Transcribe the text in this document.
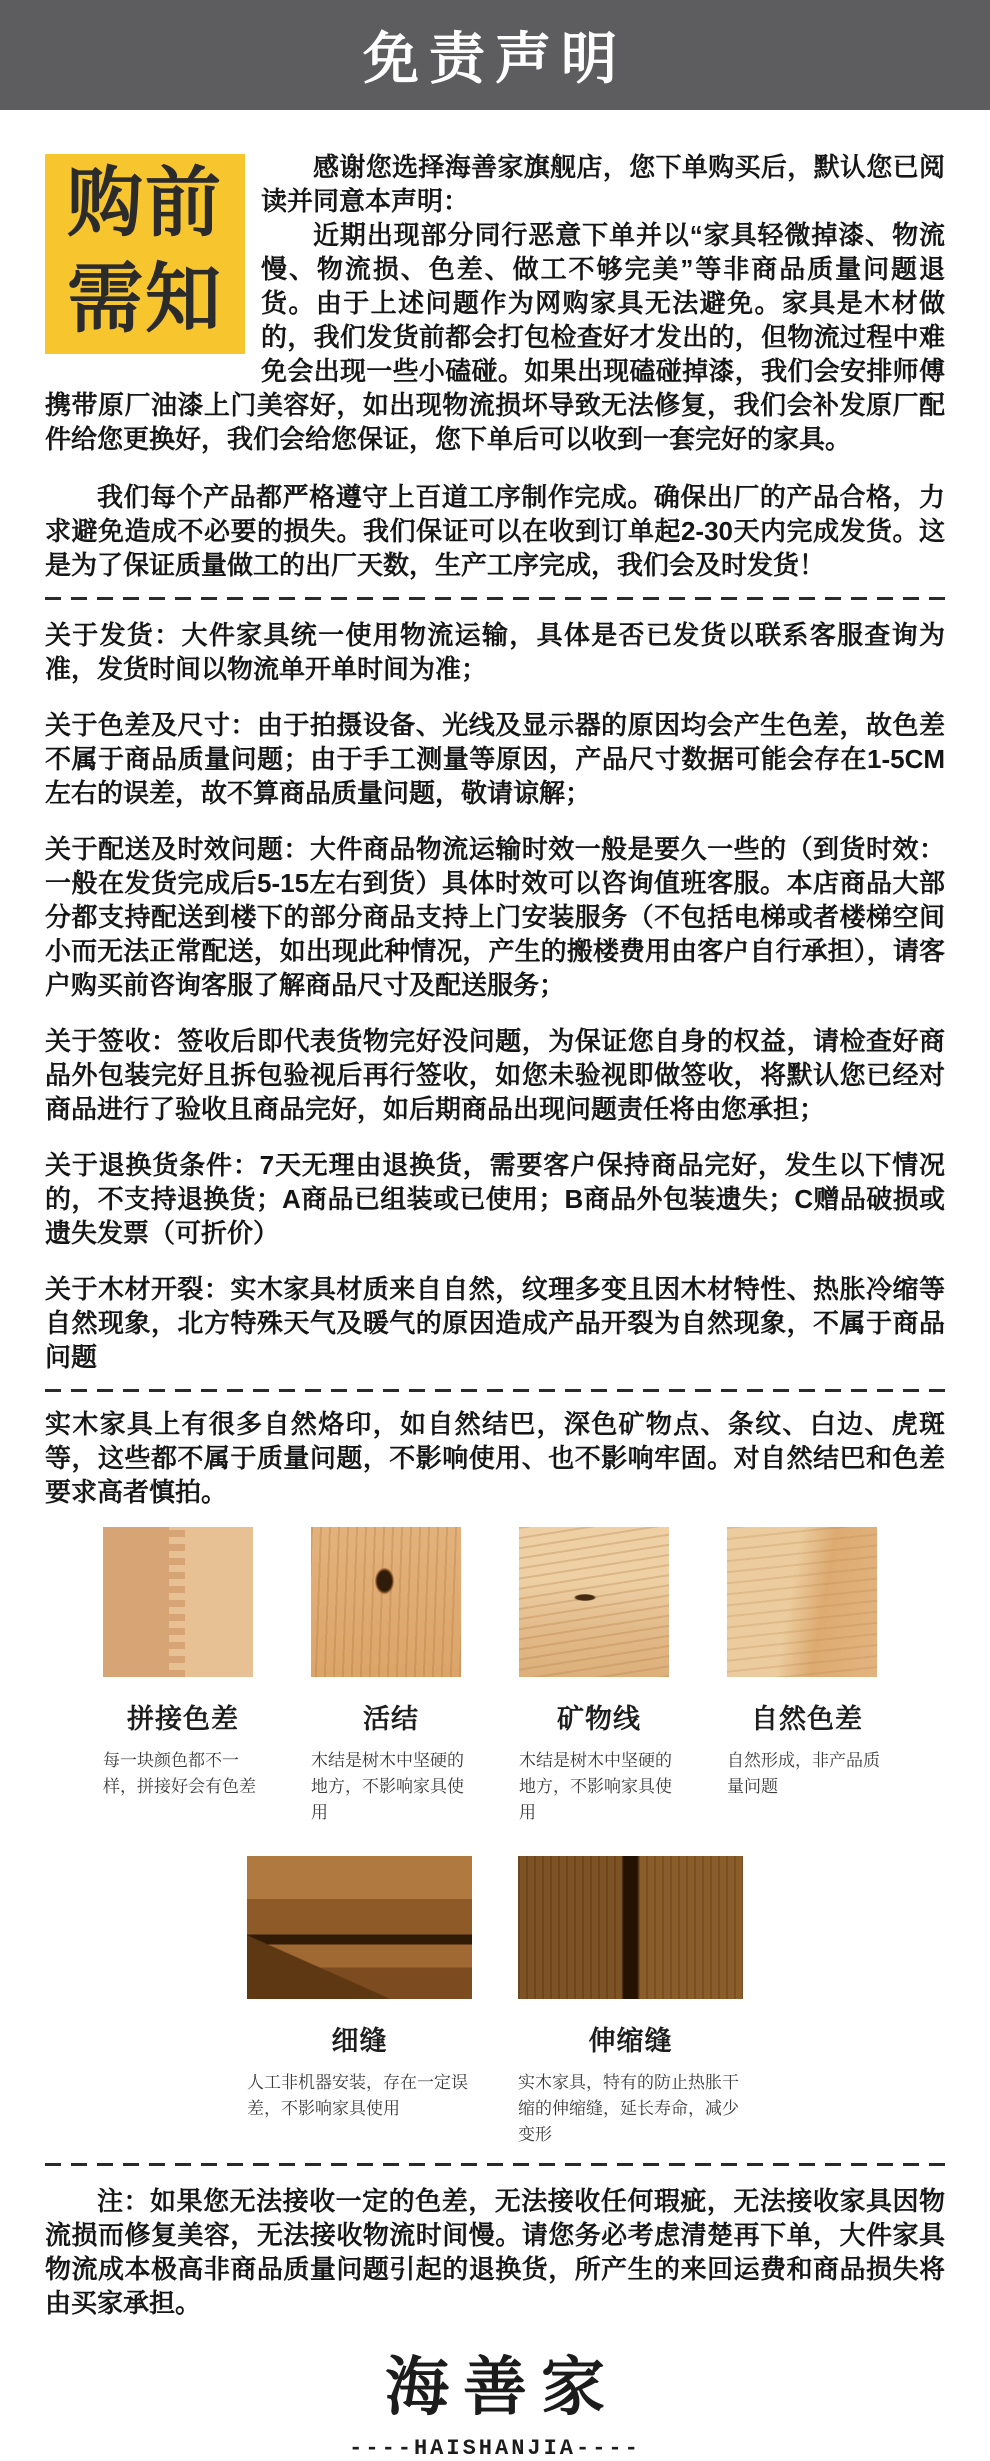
免责声明
购前
需知

感谢您选择海善家旗舰店，您下单购买后，默认您已阅读并同意本声明：

近期出现部分同行恶意下单并以“家具轻微掉漆、物流慢、物流损、色差、做工不够完美”等非商品质量问题退货。由于上述问题作为网购家具无法避免。家具是木材做的，我们发货前都会打包检查好才发出的，但物流过程中难免会出现一些小磕碰。如果出现磕碰掉漆，我们会安排师傅携带原厂油漆上门美容好，如出现物流损坏导致无法修复，我们会补发原厂配件给您更换好，我们会给您保证，您下单后可以收到一套完好的家具。

我们每个产品都严格遵守上百道工序制作完成。确保出厂的产品合格，力求避免造成不必要的损失。我们保证可以在收到订单起2-30天内完成发货。这是为了保证质量做工的出厂天数，生产工序完成，我们会及时发货！

关于发货：大件家具统一使用物流运输，具体是否已发货以联系客服查询为准，发货时间以物流单开单时间为准；

关于色差及尺寸：由于拍摄设备、光线及显示器的原因均会产生色差，故色差不属于商品质量问题；由于手工测量等原因，产品尺寸数据可能会存在1-5CM左右的误差，故不算商品质量问题，敬请谅解；

关于配送及时效问题：大件商品物流运输时效一般是要久一些的（到货时效：一般在发货完成后5-15左右到货）具体时效可以咨询值班客服。本店商品大部分都支持配送到楼下的部分商品支持上门安装服务（不包括电梯或者楼梯空间小而无法正常配送，如出现此种情况，产生的搬楼费用由客户自行承担），请客户购买前咨询客服了解商品尺寸及配送服务；

关于签收：签收后即代表货物完好没问题，为保证您自身的权益，请检查好商品外包装完好且拆包验视后再行签收，如您未验视即做签收，将默认您已经对商品进行了验收且商品完好，如后期商品出现问题责任将由您承担；

关于退换货条件：7天无理由退换货，需要客户保持商品完好，发生以下情况的，不支持退换货；A商品已组装或已使用；B商品外包装遗失；C赠品破损或遗失发票（可折价）

关于木材开裂：实木家具材质来自自然，纹理多变且因木材特性、热胀冷缩等自然现象，北方特殊天气及暖气的原因造成产品开裂为自然现象，不属于商品问题

实木家具上有很多自然烙印，如自然结巴，深色矿物点、条纹、白边、虎斑等，这些都不属于质量问题，不影响使用、也不影响牢固。对自然结巴和色差要求高者慎拍。

拼接色差
每一块颜色都不一样，拼接好会有色差
活结
木结是树木中坚硬的地方，不影响家具使用
矿物线
木结是树木中坚硬的地方，不影响家具使用
自然色差
自然形成，非产品质量问题
细缝
人工非机器安装，存在一定误差，不影响家具使用
伸缩缝
实木家具，特有的防止热胀干缩的伸缩缝，延长寿命，减少变形

注：如果您无法接收一定的色差，无法接收任何瑕疵，无法接收家具因物流损而修复美容，无法接收物流时间慢。请您务必考虑清楚再下单，大件家具物流成本极高非商品质量问题引起的退换货，所产生的来回运费和商品损失将由买家承担。

海善家
----HAISHANJIA----
